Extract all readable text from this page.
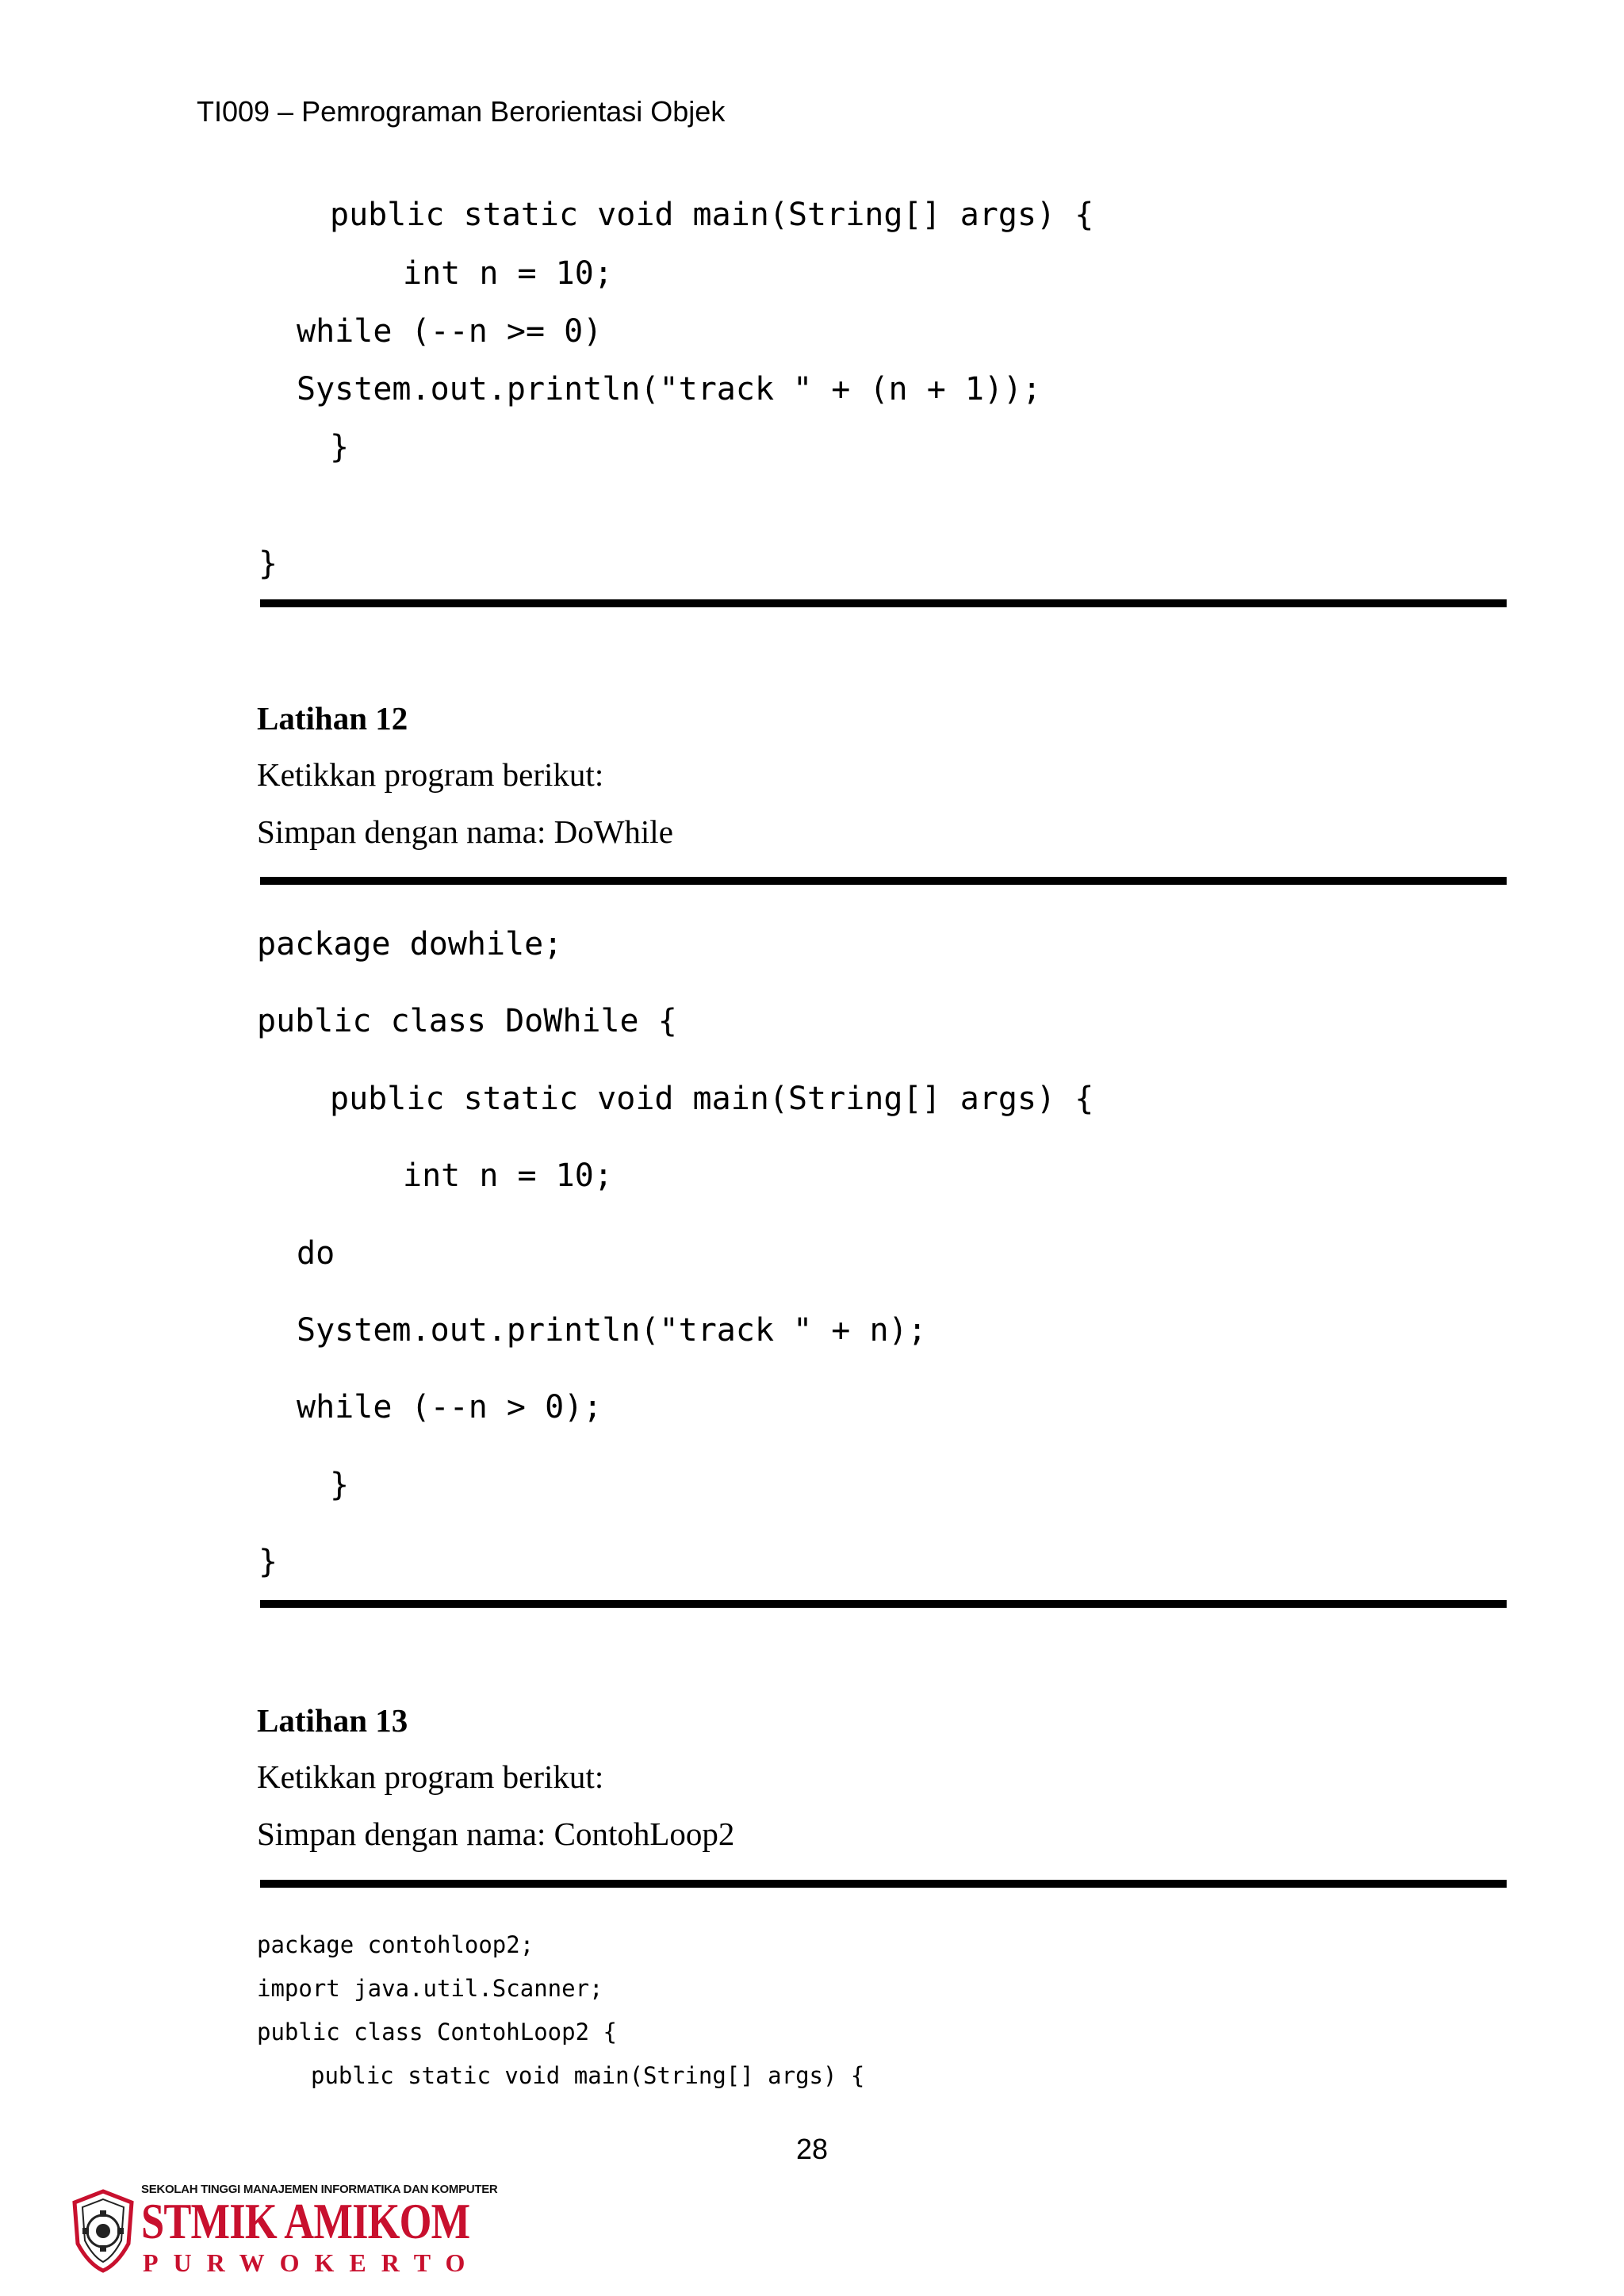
TI009 – Pemrograman Berorientasi Objek
public static void main(String[] args) {
int n = 10;
while (--n >= 0)
System.out.println("track " + (n + 1));
}
}
Latihan 12
Ketikkan program berikut:
Simpan dengan nama: DoWhile
package dowhile;
public class DoWhile {
public static void main(String[] args) {
int n = 10;
do
System.out.println("track " + n);
while (--n > 0);
}
}
Latihan 13
Ketikkan program berikut:
Simpan dengan nama: ContohLoop2
package contohloop2;
import java.util.Scanner;
public class ContohLoop2 {
public static void main(String[] args) {
28
SEKOLAH TINGGI MANAJEMEN INFORMATIKA DAN KOMPUTER
STMIK AMIKOM
PURWOKERTO
